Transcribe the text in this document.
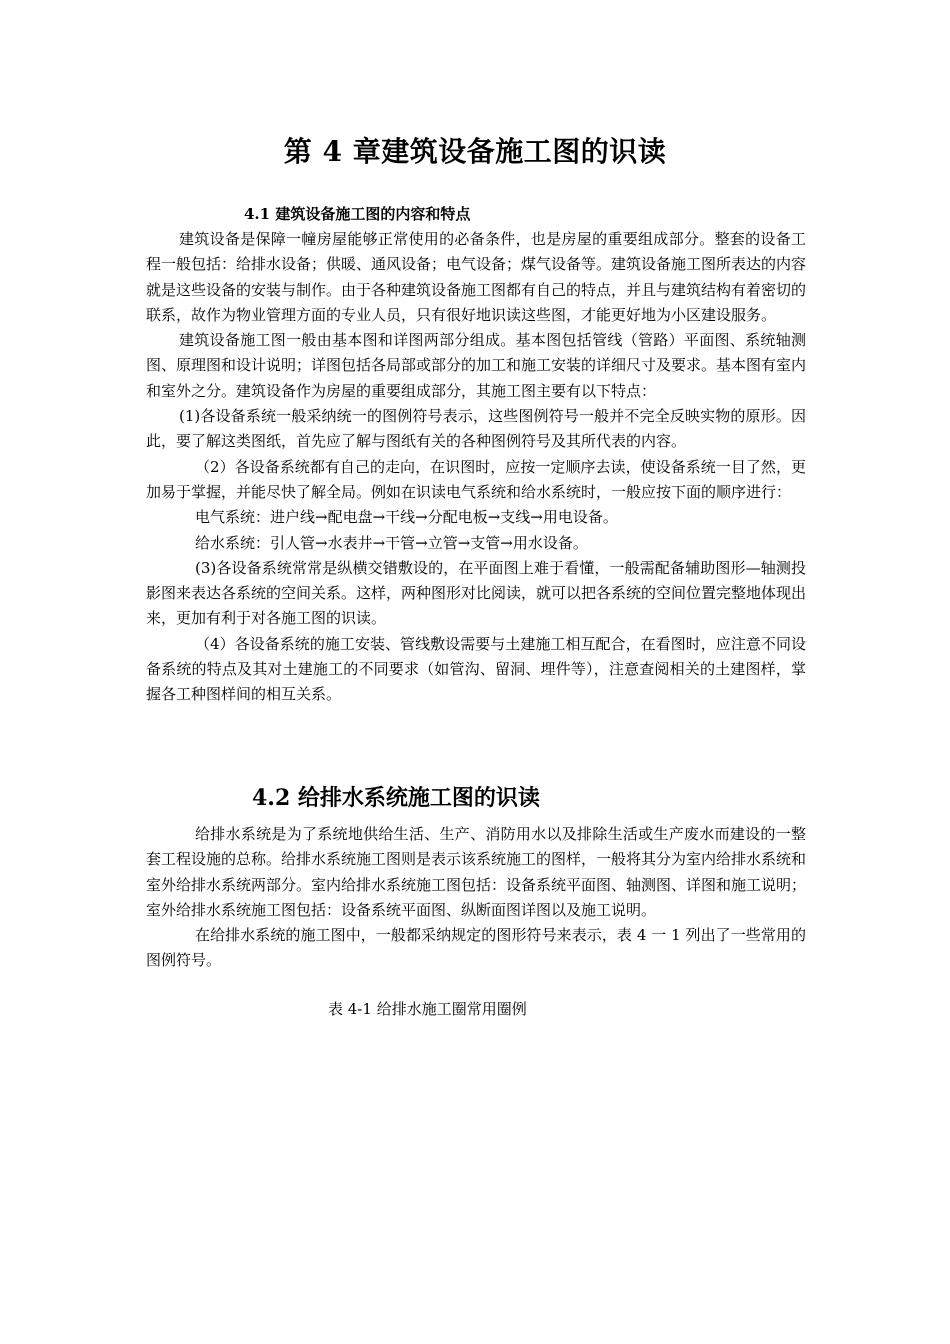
第 4 章建筑设备施工图的识读
4.1 建筑设备施工图的内容和特点

建筑设备是保障一幢房屋能够正常使用的必备条件，也是房屋的重要组成部分。整套的设备工程一般包括：给排水设备；供暖、通风设备；电气设备；煤气设备等。建筑设备施工图所表达的内容就是这些设备的安装与制作。由于各种建筑设备施工图都有自己的特点，并且与建筑结构有着密切的联系，故作为物业管理方面的专业人员，只有很好地识读这些图，才能更好地为小区建设服务。

建筑设备施工图一般由基本图和详图两部分组成。基本图包括管线（管路）平面图、系统轴测图、原理图和设计说明；详图包括各局部或部分的加工和施工安装的详细尺寸及要求。基本图有室内和室外之分。建筑设备作为房屋的重要组成部分，其施工图主要有以下特点：

(1)各设备系统一般采纳统一的图例符号表示，这些图例符号一般并不完全反映实物的原形。因此，要了解这类图纸，首先应了解与图纸有关的各种图例符号及其所代表的内容。

（2）各设备系统都有自己的走向，在识图时，应按一定顺序去读，使设备系统一目了然，更加易于掌握，并能尽快了解全局。例如在识读电气系统和给水系统时，一般应按下面的顺序进行：

电气系统：进户线→配电盘→干线→分配电板→支线→用电设备。

给水系统：引人管→水表井→干管→立管→支管→用水设备。

(3)各设备系统常常是纵横交错敷设的，在平面图上难于看懂，一般需配备辅助图形—轴测投影图来表达各系统的空间关系。这样，两种图形对比阅读，就可以把各系统的空间位置完整地体现出来，更加有利于对各施工图的识读。

（4）各设备系统的施工安装、管线敷设需要与土建施工相互配合，在看图时，应注意不同设备系统的特点及其对土建施工的不同要求（如管沟、留洞、埋件等），注意查阅相关的土建图样，掌握各工种图样间的相互关系。

4.2 给排水系统施工图的识读

给排水系统是为了系统地供给生活、生产、消防用水以及排除生活或生产废水而建设的一整套工程设施的总称。给排水系统施工图则是表示该系统施工的图样，一般将其分为室内给排水系统和室外给排水系统两部分。室内给排水系统施工图包括：设备系统平面图、轴测图、详图和施工说明；室外给排水系统施工图包括：设备系统平面图、纵断面图详图以及施工说明。

在给排水系统的施工图中，一般都采纳规定的图形符号来表示，表 4 一 1 列出了一些常用的图例符号。

表 4-1 给排水施工圈常用圈例
